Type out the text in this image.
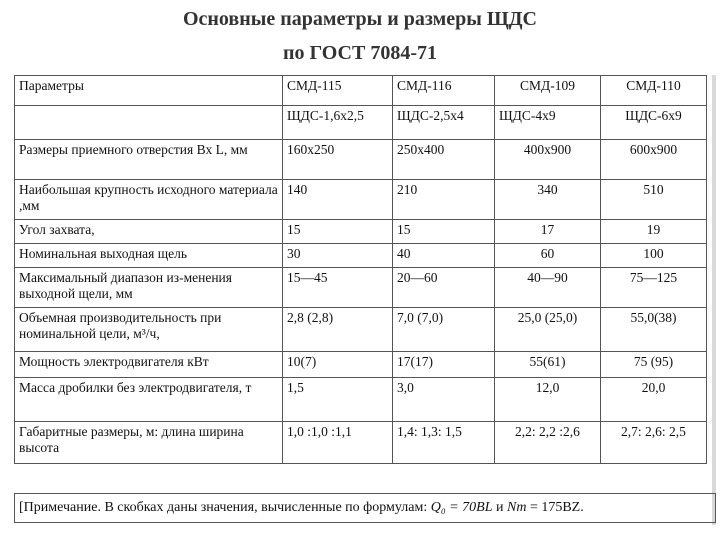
Основные параметры и размеры ЩДС
по ГОСТ 7084-71
Параметры	СМД-115	СМД-116	СМД-109	СМД-110
	ЩДС-1,6х2,5	ЩДС-2,5х4	ЩДС-4х9	ЩДС-6х9
Размеры приемного отверстия Вх L, мм	160х250	250х400	400х900	600х900
Наибольшая крупность исходного материала ,мм	140	210	340	510
Угол захвата,	15	15	17	19
Номинальная выходная щель	30	40	60	100
Максимальный диапазон из-менения выходной щели, мм	15—45	20—60	40—90	75—125
Объемная производительность при номинальной цели, м³/ч,	2,8 (2,8)	7,0 (7,0)	25,0 (25,0)	55,0(38)
Мощность электродвигателя кВт	10(7)	17(17)	55(61)	75 (95)
Масса дробилки без электродвигателя, т	1,5	3,0	12,0	20,0
Габаритные размеры, м: длина ширина высота	1,0 :1,0 :1,1	1,4: 1,3: 1,5	2,2: 2,2 :2,6	2,7: 2,6: 2,5
[Примечание. В скобках даны значения, вычисленные по формулам: Q₀ = 70BL и Nm = 175BZ.
